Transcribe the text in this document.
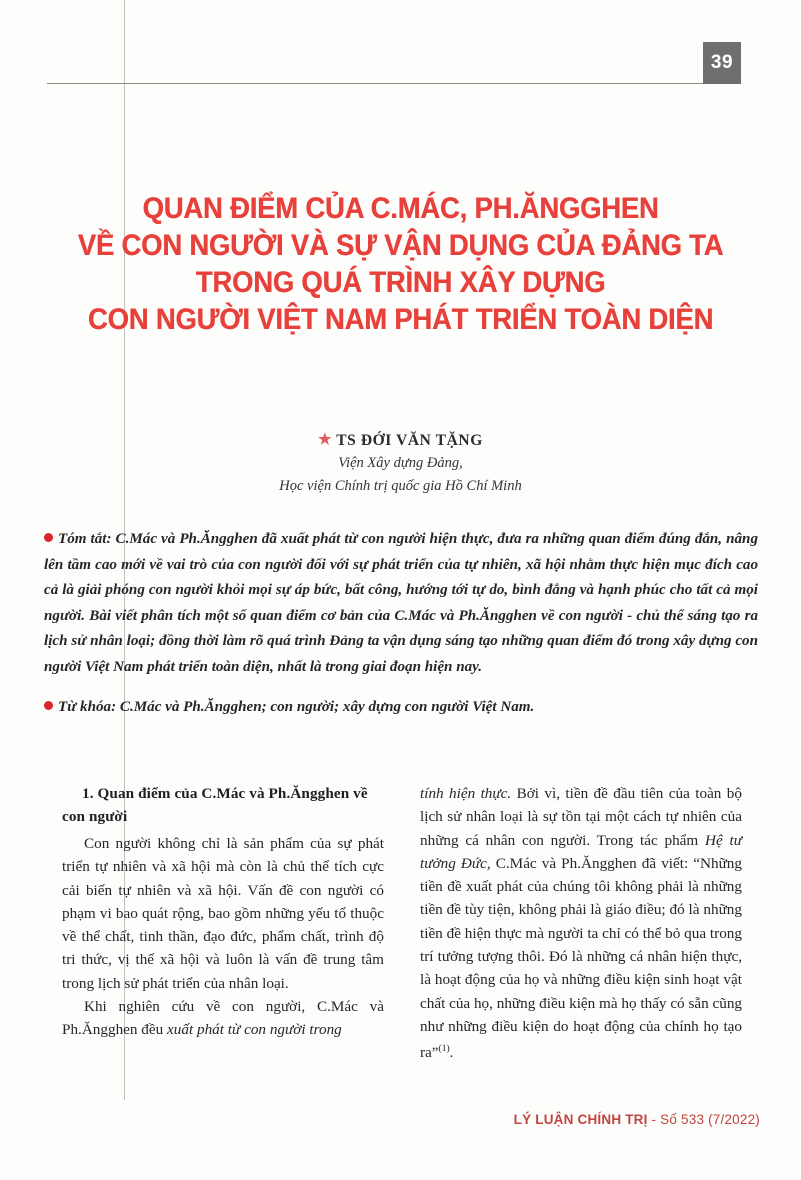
39
QUAN ĐIỂM CỦA C.MÁC, PH.ĂNGGHEN
VỀ CON NGƯỜI VÀ SỰ VẬN DỤNG CỦA ĐẢNG TA
TRONG QUÁ TRÌNH XÂY DỰNG
CON NGƯỜI VIỆT NAM PHÁT TRIỂN TOÀN DIỆN
★ TS ĐỚI VĂN TẶNG
Viện Xây dựng Đảng,
Học viện Chính trị quốc gia Hồ Chí Minh

Tóm tắt: C.Mác và Ph.Ăngghen đã xuất phát từ con người hiện thực, đưa ra những quan điểm đúng đắn, nâng lên tầm cao mới về vai trò của con người đối với sự phát triển của tự nhiên, xã hội nhằm thực hiện mục đích cao cả là giải phóng con người khỏi mọi sự áp bức, bất công, hướng tới tự do, bình đẳng và hạnh phúc cho tất cả mọi người. Bài viết phân tích một số quan điểm cơ bản của C.Mác và Ph.Ăngghen về con người - chủ thể sáng tạo ra lịch sử nhân loại; đồng thời làm rõ quá trình Đảng ta vận dụng sáng tạo những quan điểm đó trong xây dựng con người Việt Nam phát triển toàn diện, nhất là trong giai đoạn hiện nay.

Từ khóa: C.Mác và Ph.Ăngghen; con người; xây dựng con người Việt Nam.

1. Quan điểm của C.Mác và Ph.Ăngghen về con người

Con người không chỉ là sản phẩm của sự phát triển tự nhiên và xã hội mà còn là chủ thể tích cực cải biến tự nhiên và xã hội. Vấn đề con người có phạm vi bao quát rộng, bao gồm những yếu tố thuộc về thể chất, tinh thần, đạo đức, phẩm chất, trình độ tri thức, vị thế xã hội và luôn là vấn đề trung tâm trong lịch sử phát triển của nhân loại.

Khi nghiên cứu về con người, C.Mác và Ph.Ăngghen đều xuất phát từ con người trong

tính hiện thực. Bởi vì, tiền đề đầu tiên của toàn bộ lịch sử nhân loại là sự tồn tại một cách tự nhiên của những cá nhân con người. Trong tác phẩm Hệ tư tưởng Đức, C.Mác và Ph.Ăngghen đã viết: “Những tiền đề xuất phát của chúng tôi không phải là những tiền đề tùy tiện, không phải là giáo điều; đó là những tiền đề hiện thực mà người ta chỉ có thể bỏ qua trong trí tưởng tượng thôi. Đó là những cá nhân hiện thực, là hoạt động của họ và những điều kiện sinh hoạt vật chất của họ, những điều kiện mà họ thấy có sẵn cũng như những điều kiện do hoạt động của chính họ tạo ra”$^{(1)}$.

LÝ LUẬN CHÍNH TRỊ - Số 533 (7/2022)
